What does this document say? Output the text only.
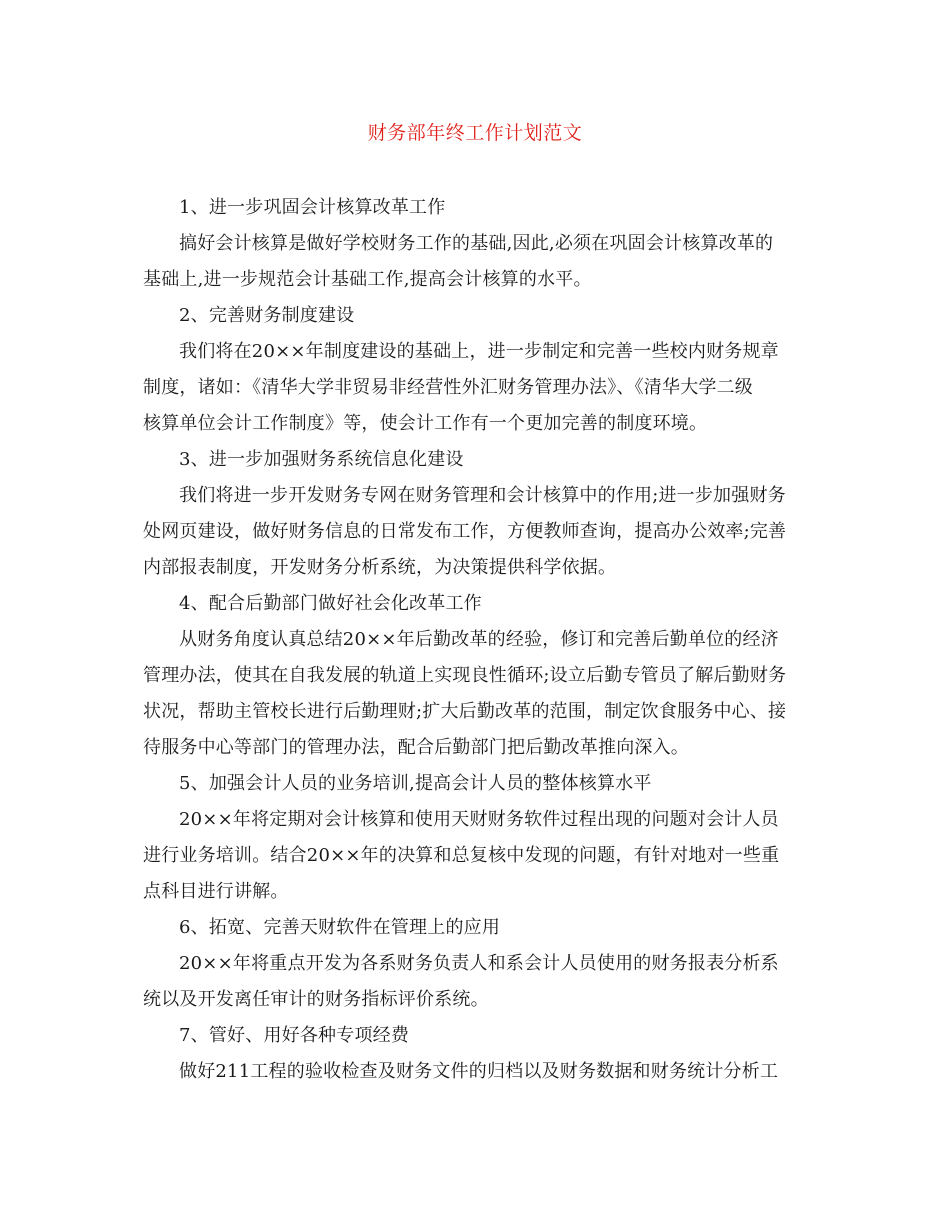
财务部年终工作计划范文
1、进一步巩固会计核算改革工作
搞好会计核算是做好学校财务工作的基础,因此,必须在巩固会计核算改革的
基础上,进一步规范会计基础工作,提高会计核算的水平。
2、完善财务制度建设
我们将在20××年制度建设的基础上，进一步制定和完善一些校内财务规章
制度，诸如：《清华大学非贸易非经营性外汇财务管理办法》、《清华大学二级
核算单位会计工作制度》等，使会计工作有一个更加完善的制度环境。
3、进一步加强财务系统信息化建设
我们将进一步开发财务专网在财务管理和会计核算中的作用;进一步加强财务
处网页建设，做好财务信息的日常发布工作，方便教师查询，提高办公效率;完善
内部报表制度，开发财务分析系统，为决策提供科学依据。
4、配合后勤部门做好社会化改革工作
从财务角度认真总结20××年后勤改革的经验，修订和完善后勤单位的经济
管理办法，使其在自我发展的轨道上实现良性循环;设立后勤专管员了解后勤财务
状况，帮助主管校长进行后勤理财;扩大后勤改革的范围，制定饮食服务中心、接
待服务中心等部门的管理办法，配合后勤部门把后勤改革推向深入。
5、加强会计人员的业务培训,提高会计人员的整体核算水平
20××年将定期对会计核算和使用天财财务软件过程出现的问题对会计人员
进行业务培训。结合20××年的决算和总复核中发现的问题，有针对地对一些重
点科目进行讲解。
6、拓宽、完善天财软件在管理上的应用
20××年将重点开发为各系财务负责人和系会计人员使用的财务报表分析系
统以及开发离任审计的财务指标评价系统。
7、管好、用好各种专项经费
做好211工程的验收检查及财务文件的归档以及财务数据和财务统计分析工
